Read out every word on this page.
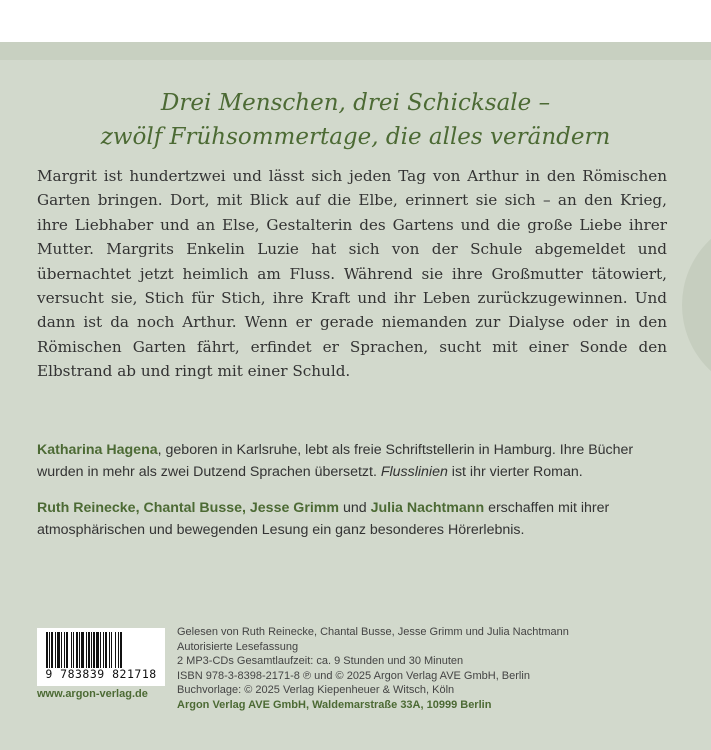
Drei Menschen, drei Schicksale –
zwölf Frühsommertage, die alles verändern
Margrit ist hundertzwei und lässt sich jeden Tag von Arthur in den Römischen Garten bringen. Dort, mit Blick auf die Elbe, erinnert sie sich – an den Krieg, ihre Liebhaber und an Else, Gestalterin des Gartens und die große Liebe ihrer Mutter. Margrits Enkelin Luzie hat sich von der Schule abgemeldet und übernachtet jetzt heimlich am Fluss. Während sie ihre Großmutter tätowiert, versucht sie, Stich für Stich, ihre Kraft und ihr Leben zurückzugewinnen. Und dann ist da noch Arthur. Wenn er gerade niemanden zur Dialyse oder in den Römischen Garten fährt, erfindet er Sprachen, sucht mit einer Sonde den Elbstrand ab und ringt mit einer Schuld.

Katharina Hagena, geboren in Karlsruhe, lebt als freie Schriftstellerin in Hamburg. Ihre Bücher wurden in mehr als zwei Dutzend Sprachen übersetzt. Flusslinien ist ihr vierter Roman.

Ruth Reinecke, Chantal Busse, Jesse Grimm und Julia Nachtmann erschaffen mit ihrer atmosphärischen und bewegenden Lesung ein ganz besonderes Hörerlebnis.

9 783839 821718
www.argon-verlag.de
Gelesen von Ruth Reinecke, Chantal Busse, Jesse Grimm und Julia Nachtmann
Autorisierte Lesefassung
2 MP3-CDs Gesamtlaufzeit: ca. 9 Stunden und 30 Minuten
ISBN 978-3-8398-2171-8 ℗ und © 2025 Argon Verlag AVE GmbH, Berlin
Buchvorlage: © 2025 Verlag Kiepenheuer & Witsch, Köln
Argon Verlag AVE GmbH, Waldemarstraße 33A, 10999 Berlin
